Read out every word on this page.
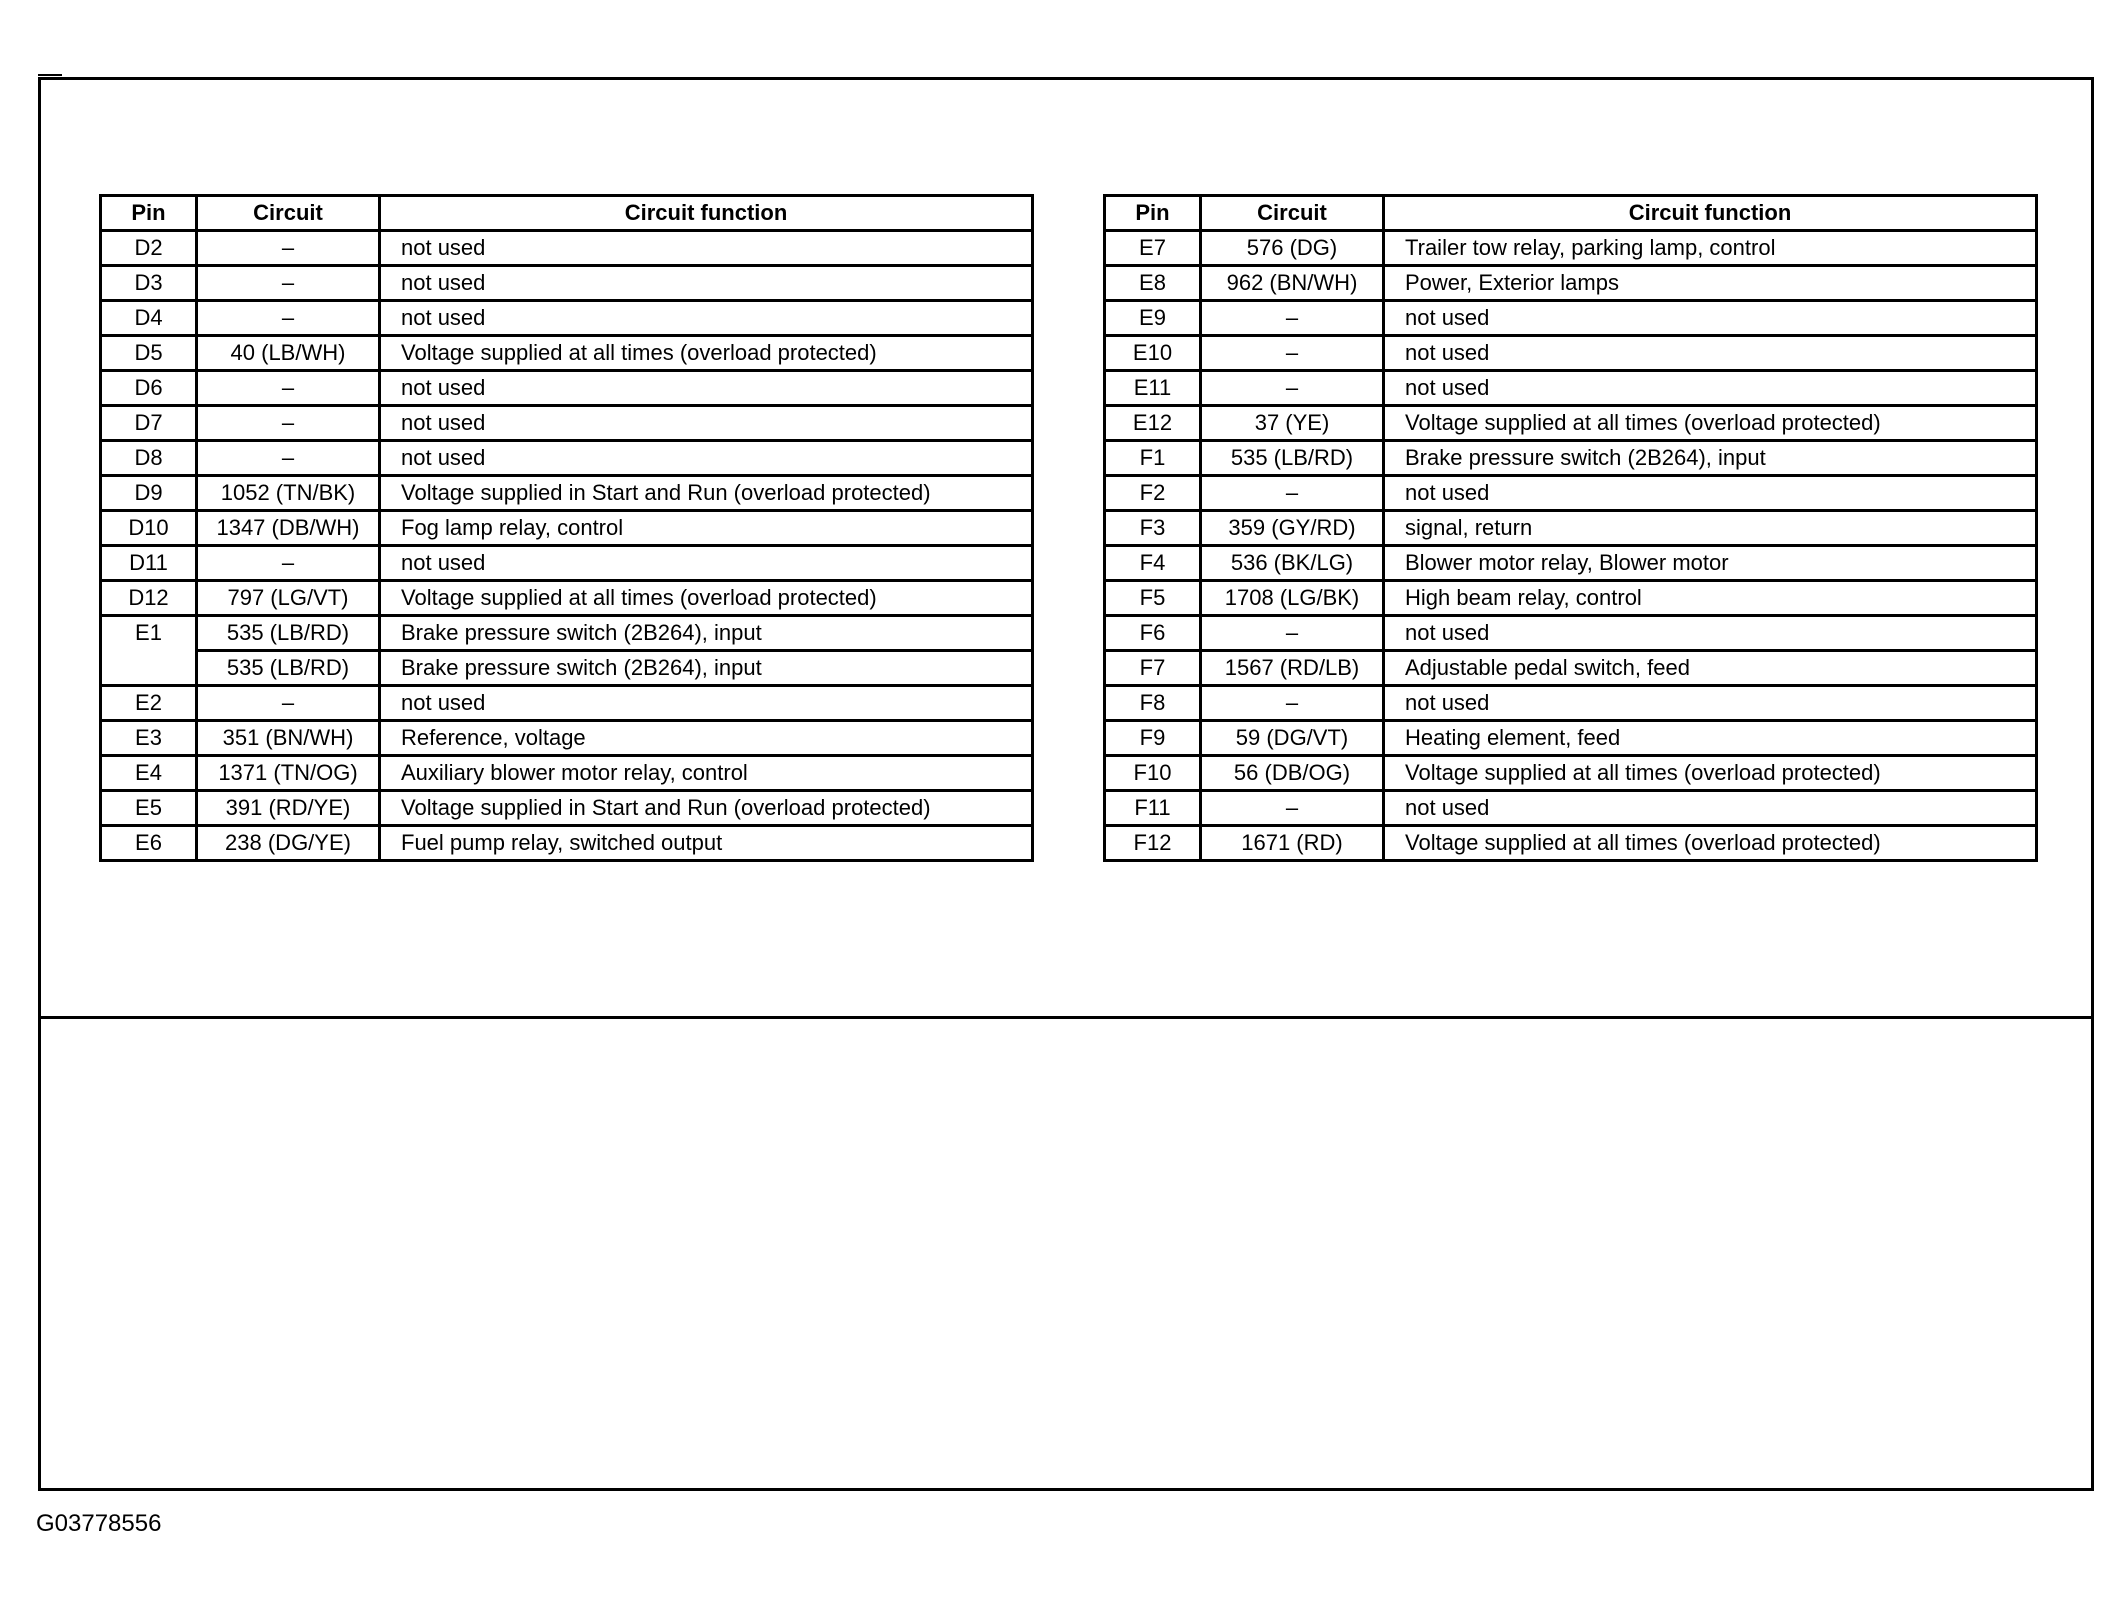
Pin	Circuit	Circuit function
D2	–	not used
D3	–	not used
D4	–	not used
D5	40 (LB/WH)	Voltage supplied at all times (overload protected)
D6	–	not used
D7	–	not used
D8	–	not used
D9	1052 (TN/BK)	Voltage supplied in Start and Run (overload protected)
D10	1347 (DB/WH)	Fog lamp relay, control
D11	–	not used
D12	797 (LG/VT)	Voltage supplied at all times (overload protected)
E1	535 (LB/RD)	Brake pressure switch (2B264), input
	535 (LB/RD)	Brake pressure switch (2B264), input
E2	–	not used
E3	351 (BN/WH)	Reference, voltage
E4	1371 (TN/OG)	Auxiliary blower motor relay, control
E5	391 (RD/YE)	Voltage supplied in Start and Run (overload protected)
E6	238 (DG/YE)	Fuel pump relay, switched output
Pin	Circuit	Circuit function
E7	576 (DG)	Trailer tow relay, parking lamp, control
E8	962 (BN/WH)	Power, Exterior lamps
E9	–	not used
E10	–	not used
E11	–	not used
E12	37 (YE)	Voltage supplied at all times (overload protected)
F1	535 (LB/RD)	Brake pressure switch (2B264), input
F2	–	not used
F3	359 (GY/RD)	signal, return
F4	536 (BK/LG)	Blower motor relay, Blower motor
F5	1708 (LG/BK)	High beam relay, control
F6	–	not used
F7	1567 (RD/LB)	Adjustable pedal switch, feed
F8	–	not used
F9	59 (DG/VT)	Heating element, feed
F10	56 (DB/OG)	Voltage supplied at all times (overload protected)
F11	–	not used
F12	1671 (RD)	Voltage supplied at all times (overload protected)
G03778556
